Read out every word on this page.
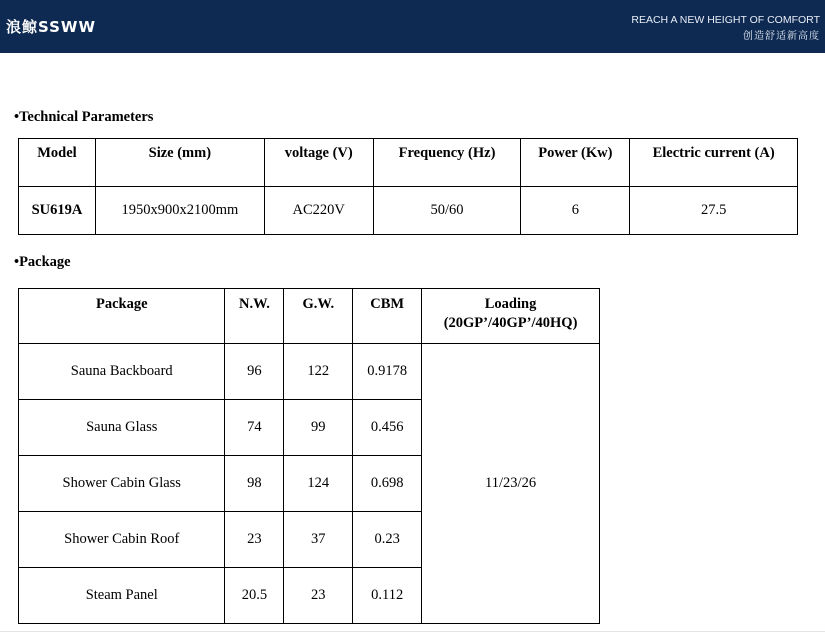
浪鲸SSWW	REACH A NEW HEIGHT OF COMFORT
创造舒适新高度
•Technical Parameters
Model	Size (mm)	voltage (V)	Frequency (Hz)	Power (Kw)	Electric current (A)
SU619A	1950x900x2100mm	AC220V	50/60	6	27.5
•Package
Package	N.W.	G.W.	CBM	Loading
(20GP’/40GP’/40HQ)

Sauna Backboard	96	122	0.9178	11/23/26
Sauna Glass	74	99	0.456	
Shower Cabin Glass	98	124	0.698	
Shower Cabin Roof	23	37	0.23	
Steam Panel	20.5	23	0.112	
